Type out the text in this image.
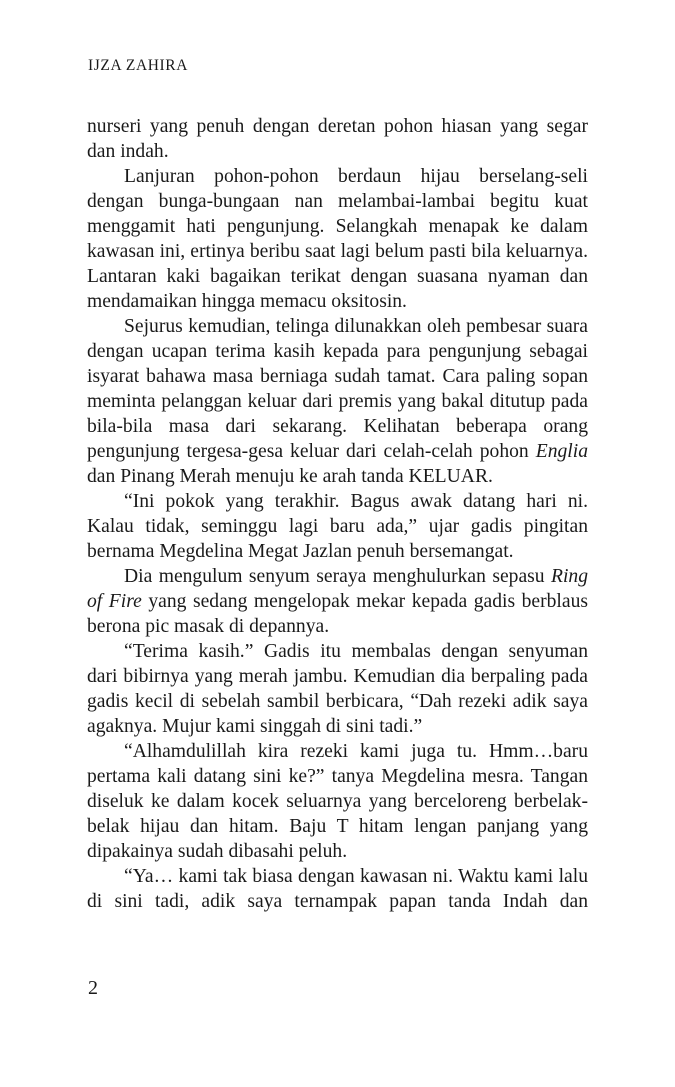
IJZA ZAHIRA

nurseri yang penuh dengan deretan pohon hiasan yang segar dan indah.

Lanjuran pohon-pohon berdaun hijau berselang-seli dengan bunga-bungaan nan melambai-lambai begitu kuat menggamit hati pengunjung. Selangkah menapak ke dalam kawasan ini, ertinya beribu saat lagi belum pasti bila keluarnya. Lantaran kaki bagaikan terikat dengan suasana nyaman dan mendamaikan hingga memacu oksitosin.

Sejurus kemudian, telinga dilunakkan oleh pembesar suara dengan ucapan terima kasih kepada para pengunjung sebagai isyarat bahawa masa berniaga sudah tamat. Cara paling sopan meminta pelanggan keluar dari premis yang bakal ditutup pada bila-bila masa dari sekarang. Kelihatan beberapa orang pengunjung tergesa-gesa keluar dari celah-celah pohon Englia dan Pinang Merah menuju ke arah tanda KELUAR.

“Ini pokok yang terakhir. Bagus awak datang hari ni. Kalau tidak, seminggu lagi baru ada,” ujar gadis pingitan bernama Megdelina Megat Jazlan penuh bersemangat.

Dia mengulum senyum seraya menghulurkan sepasu Ring of Fire yang sedang mengelopak mekar kepada gadis berblaus berona pic masak di depannya.

“Terima kasih.” Gadis itu membalas dengan senyuman dari bibirnya yang merah jambu. Kemudian dia berpaling pada gadis kecil di sebelah sambil berbicara, “Dah rezeki adik saya agaknya. Mujur kami singgah di sini tadi.”

“Alhamdulillah kira rezeki kami juga tu. Hmm…baru pertama kali datang sini ke?” tanya Megdelina mesra. Tangan diseluk ke dalam kocek seluarnya yang berceloreng berbelak-belak hijau dan hitam. Baju T hitam lengan panjang yang dipakainya sudah dibasahi peluh.

“Ya… kami tak biasa dengan kawasan ni. Waktu kami lalu di sini tadi, adik saya ternampak papan tanda Indah dan

2
